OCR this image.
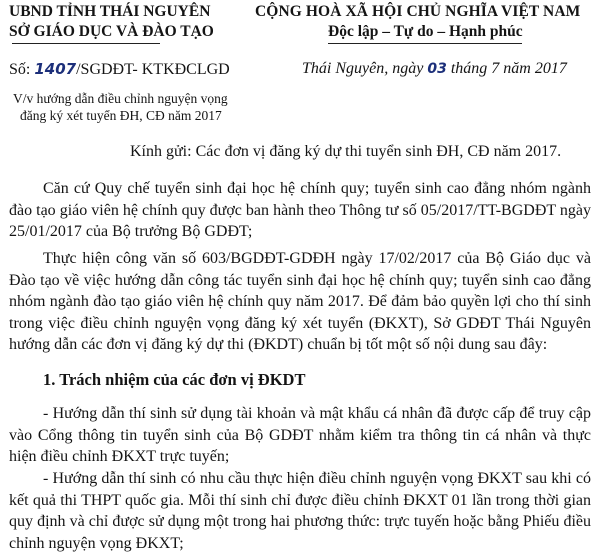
UBND TỈNH THÁI NGUYÊN
SỞ GIÁO DỤC VÀ ĐÀO TẠO
CỘNG HOÀ XÃ HỘI CHỦ NGHĨA VIỆT NAM
Độc lập – Tự do – Hạnh phúc
Số: 1407/SGDĐT- KTKĐCLGD	Thái Nguyên, ngày 03 tháng 7 năm 2017
V/v hướng dẫn điều chỉnh nguyện vọng
đăng ký xét tuyển ĐH, CĐ năm 2017
Kính gửi: Các đơn vị đăng ký dự thi tuyển sinh ĐH, CĐ năm 2017.

Căn cứ Quy chế tuyển sinh đại học hệ chính quy; tuyển sinh cao đẳng nhóm ngành đào tạo giáo viên hệ chính quy được ban hành theo Thông tư số 05/2017/TT-BGDĐT ngày 25/01/2017 của Bộ trưởng Bộ GDĐT;

Thực hiện công văn số 603/BGDĐT-GDĐH ngày 17/02/2017 của Bộ Giáo dục và Đào tạo về việc hướng dẫn công tác tuyển sinh đại học hệ chính quy; tuyển sinh cao đẳng nhóm ngành đào tạo giáo viên hệ chính quy năm 2017. Để đảm bảo quyền lợi cho thí sinh trong việc điều chỉnh nguyện vọng đăng ký xét tuyển (ĐKXT), Sở GDĐT Thái Nguyên hướng dẫn các đơn vị đăng ký dự thi (ĐKDT) chuẩn bị tốt một số nội dung sau đây:

1. Trách nhiệm của các đơn vị ĐKDT

- Hướng dẫn thí sinh sử dụng tài khoản và mật khẩu cá nhân đã được cấp để truy cập vào Cổng thông tin tuyển sinh của Bộ GDĐT nhằm kiểm tra thông tin cá nhân và thực hiện điều chỉnh ĐKXT trực tuyến;

- Hướng dẫn thí sinh có nhu cầu thực hiện điều chỉnh nguyện vọng ĐKXT sau khi có kết quả thi THPT quốc gia. Mỗi thí sinh chỉ được điều chỉnh ĐKXT 01 lần trong thời gian quy định và chỉ được sử dụng một trong hai phương thức: trực tuyến hoặc bằng Phiếu điều chỉnh nguyện vọng ĐKXT;
